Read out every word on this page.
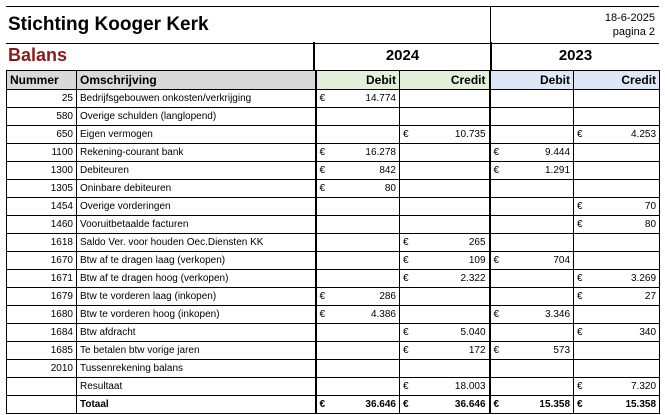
Stichting Kooger Kerk	18-6-2025
pagina 2
Balans	2024	2023
Nummer	Omschrijving	Debit		Credit		Debit		Credit	
25	Bedrijfsgebouwen onkosten/verkrijging	€	14.774						
580	Overige schulden (langlopend)								
650	Eigen vermogen			€	10.735			€	4.253
1100	Rekening-courant bank	€	16.278			€	9.444		
1300	Debiteuren	€	842			€	1.291		
1305	Oninbare debiteuren	€	80						
1454	Overige vorderingen							€	70
1460	Vooruitbetaalde facturen							€	80
1618	Saldo Ver. voor houden Oec.Diensten KK			€	265				
1670	Btw af te dragen laag (verkopen)			€	109	€	704		
1671	Btw af te dragen hoog (verkopen)			€	2.322			€	3.269
1679	Btw te vorderen laag (inkopen)	€	286					€	27
1680	Btw te vorderen hoog (inkopen)	€	4.386			€	3.346		
1684	Btw afdracht			€	5.040			€	340
1685	Te betalen btw vorige jaren			€	172	€	573		
2010	Tussenrekening balans								
	Resultaat			€	18.003			€	7.320
	Totaal	€	36.646	€	36.646	€	15.358	€	15.358
